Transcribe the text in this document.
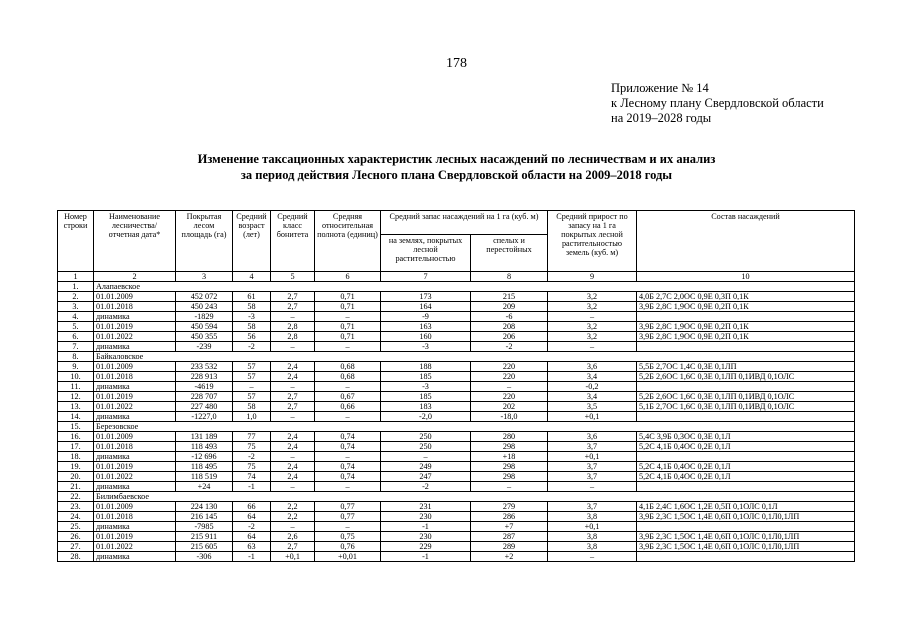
178
Приложение № 14
к Лесному плану Свердловской области
на 2019–2028 годы
Изменение таксационных характеристик лесных насаждений по лесничествам и их анализ
за период действия Лесного плана Свердловской области на 2009–2018 годы
Номер строки	Наименование лесничества/ отчетная дата*	Покрытая лесом площадь (га)	Средний возраст (лет)	Средний класс бонитета	Средняя относительная полнота (единиц)	Средний запас насаждений на 1 га (куб. м)		Средний прирост по запасу на 1 га покрытых лесной растительностью земель (куб. м)	Состав насаждений
						на землях, покрытых лесной растительностью	спелых и перестойных		
1	2	3	4	5	6	7	8	9	10
1.	Алапаевское								
2.	01.01.2009	452 072	61	2,7	0,71	173	215	3,2	4,0Б 2,7С 2,0ОС 0,9Е 0,3П 0,1К
3.	01.01.2018	450 243	58	2,7	0,71	164	209	3,2	3,9Б 2,8С 1,9ОС 0,9Е 0,2П 0,1К
4.	динамика	-1829	-3	–	–	-9	-6	–	
5.	01.01.2019	450 594	58	2,8	0,71	163	208	3,2	3,9Б 2,8С 1,9ОС 0,9Е 0,2П 0,1К
6.	01.01.2022	450 355	56	2,8	0,71	160	206	3,2	3,9Б 2,8С 1,9ОС 0,9Е 0,2П 0,1К
7.	динамика	-239	-2	–	–	-3	-2	–	
8.	Байкаловское								
9.	01.01.2009	233 532	57	2,4	0,68	188	220	3,6	5,5Б 2,7ОС 1,4С 0,3Е 0,1ЛП
10.	01.01.2018	228 913	57	2,4	0,68	185	220	3,4	5,2Б 2,6ОС 1,6С 0,3Е 0,1ЛП 0,1ИВД 0,1ОЛС
11.	динамика	-4619	–	–	–	-3	–	-0,2	
12.	01.01.2019	228 707	57	2,7	0,67	185	220	3,4	5,2Б 2,6ОС 1,6С 0,3Е 0,1ЛП 0,1ИВД 0,1ОЛС
13.	01.01.2022	227 480	58	2,7	0,66	183	202	3,5	5,1Б 2,7ОС 1,6С 0,3Е 0,1ЛП 0,1ИВД 0,1ОЛС
14.	динамика	-1227,0	1,0	–	–	-2,0	-18,0	+0,1	
15.	Березовское								
16.	01.01.2009	131 189	77	2,4	0,74	250	280	3,6	5,4С 3,9Б 0,3ОС 0,3Е 0,1Л
17.	01.01.2018	118 493	75	2,4	0,74	250	298	3,7	5,2С 4,1Б 0,4ОС 0,2Е 0,1Л
18.	динамика	-12 696	-2	–	–	–	+18	+0,1	
19.	01.01.2019	118 495	75	2,4	0,74	249	298	3,7	5,2С 4,1Б 0,4ОС 0,2Е 0,1Л
20.	01.01.2022	118 519	74	2,4	0,74	247	298	3,7	5,2С 4,1Б 0,4ОС 0,2Е 0,1Л
21.	динамика	+24	-1	–	–	-2	–	–	
22.	Билимбаевское								
23.	01.01.2009	224 130	66	2,2	0,77	231	279	3,7	4,1Б 2,4С 1,6ОС 1,2Е 0,5П 0,1ОЛС 0,1Л
24.	01.01.2018	216 145	64	2,2	0,77	230	286	3,8	3,9Б 2,3С 1,5ОС 1,4Е 0,6П 0,1ОЛС 0,1Л0,1ЛП
25.	динамика	-7985	-2	–	–	-1	+7	+0,1	
26.	01.01.2019	215 911	64	2,6	0,75	230	287	3,8	3,9Б 2,3С 1,5ОС 1,4Е 0,6П 0,1ОЛС 0,1Л0,1ЛП
27.	01.01.2022	215 605	63	2,7	0,76	229	289	3,8	3,9Б 2,3С 1,5ОС 1,4Е 0,6П 0,1ОЛС 0,1Л0,1ЛП
28.	динамика	-306	-1	+0,1	+0,01	-1	+2	–	
